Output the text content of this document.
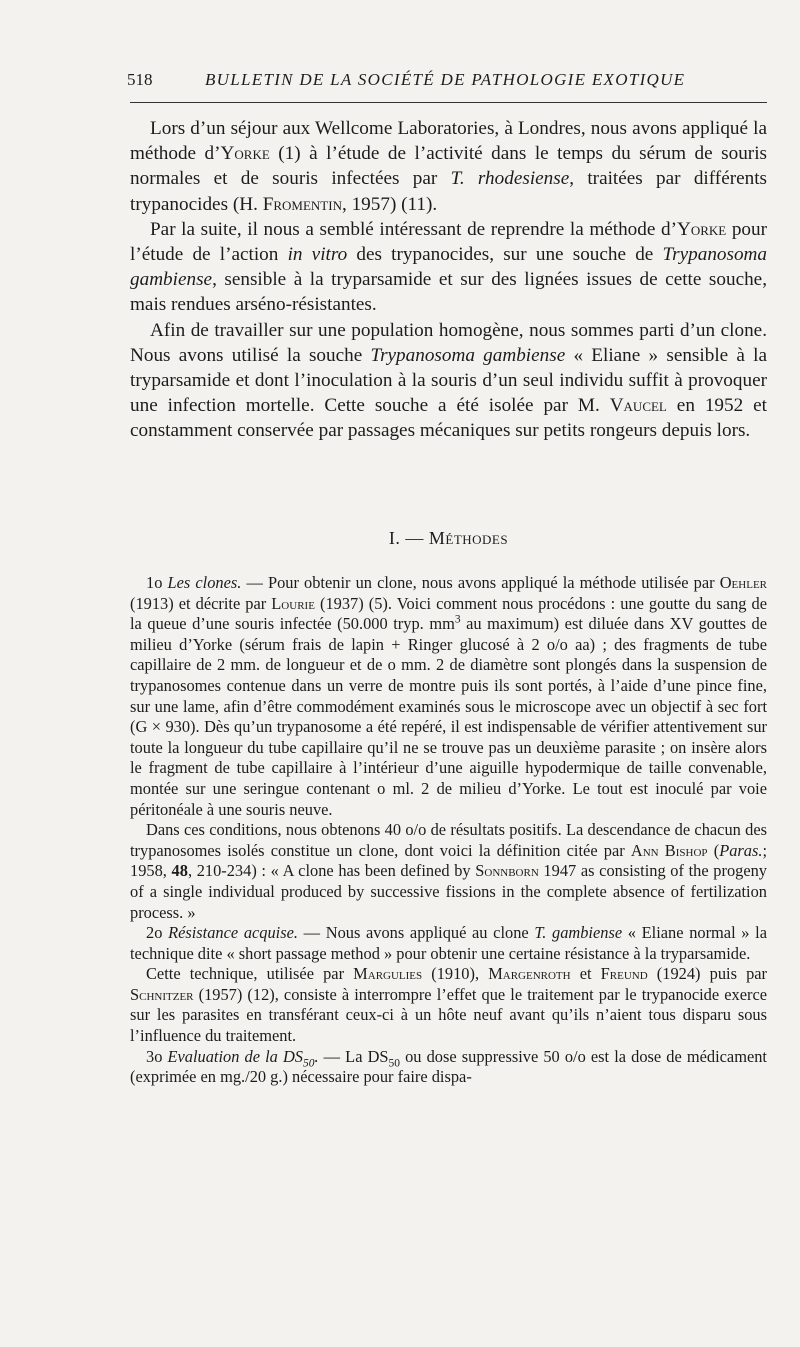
518	BULLETIN DE LA SOCIÉTÉ DE PATHOLOGIE EXOTIQUE

Lors d’un séjour aux Wellcome Laboratories, à Londres, nous avons appliqué la méthode d’Yorke (1) à l’étude de l’activité dans le temps du sérum de souris normales et de souris infectées par T. rhodesiense, traitées par différents trypanocides (H. Fromentin, 1957) (11).

Par la suite, il nous a semblé intéressant de reprendre la méthode d’Yorke pour l’étude de l’action in vitro des trypanocides, sur une souche de Trypanosoma gambiense, sensible à la tryparsamide et sur des lignées issues de cette souche, mais rendues arséno-résistantes.

Afin de travailler sur une population homogène, nous sommes parti d’un clone. Nous avons utilisé la souche Trypanosoma gambiense « Eliane » sensible à la tryparsamide et dont l’inoculation à la souris d’un seul individu suffit à provoquer une infection mortelle. Cette souche a été isolée par M. Vaucel en 1952 et constamment conservée par passages mécaniques sur petits rongeurs depuis lors.

I. — Méthodes

1o Les clones. — Pour obtenir un clone, nous avons appliqué la méthode utilisée par Oehler (1913) et décrite par Lourie (1937) (5). Voici comment nous procédons : une goutte du sang de la queue d’une souris infectée (50.000 tryp. $mm^3$ au maximum) est diluée dans XV gouttes de milieu d’Yorke (sérum frais de lapin + Ringer glucosé à 2 o/o aa) ; des fragments de tube capillaire de 2 mm. de longueur et de o mm. 2 de diamètre sont plongés dans la suspension de trypanosomes contenue dans un verre de montre puis ils sont portés, à l’aide d’une pince fine, sur une lame, afin d’être commodément examinés sous le microscope avec un objectif à sec fort (G × 930). Dès qu’un trypanosome a été repéré, il est indispensable de vérifier attentivement sur toute la longueur du tube capillaire qu’il ne se trouve pas un deuxième parasite ; on insère alors le fragment de tube capillaire à l’intérieur d’une aiguille hypodermique de taille convenable, montée sur une seringue contenant o ml. 2 de milieu d’Yorke. Le tout est inoculé par voie péritonéale à une souris neuve.

Dans ces conditions, nous obtenons 40 o/o de résultats positifs. La descendance de chacun des trypanosomes isolés constitue un clone, dont voici la définition citée par Ann Bishop (Paras.; 1958, 48, 210-234) : « A clone has been defined by Sonnborn 1947 as consisting of the progeny of a single individual produced by successive fissions in the complete absence of fertilization process. »

2o Résistance acquise. — Nous avons appliqué au clone T. gambiense « Eliane normal » la technique dite « short passage method » pour obtenir une certaine résistance à la tryparsamide.

Cette technique, utilisée par Margulies (1910), Margenroth et Freund (1924) puis par Schnitzer (1957) (12), consiste à interrompre l’effet que le traitement par le trypanocide exerce sur les parasites en transférant ceux-ci à un hôte neuf avant qu’ils n’aient tous disparu sous l’influence du traitement.

3o Evaluation de la $DS_{50}$. — La $DS_{50}$ ou dose suppressive 50 o/o est la dose de médicament (exprimée en mg./20 g.) nécessaire pour faire dispa-
